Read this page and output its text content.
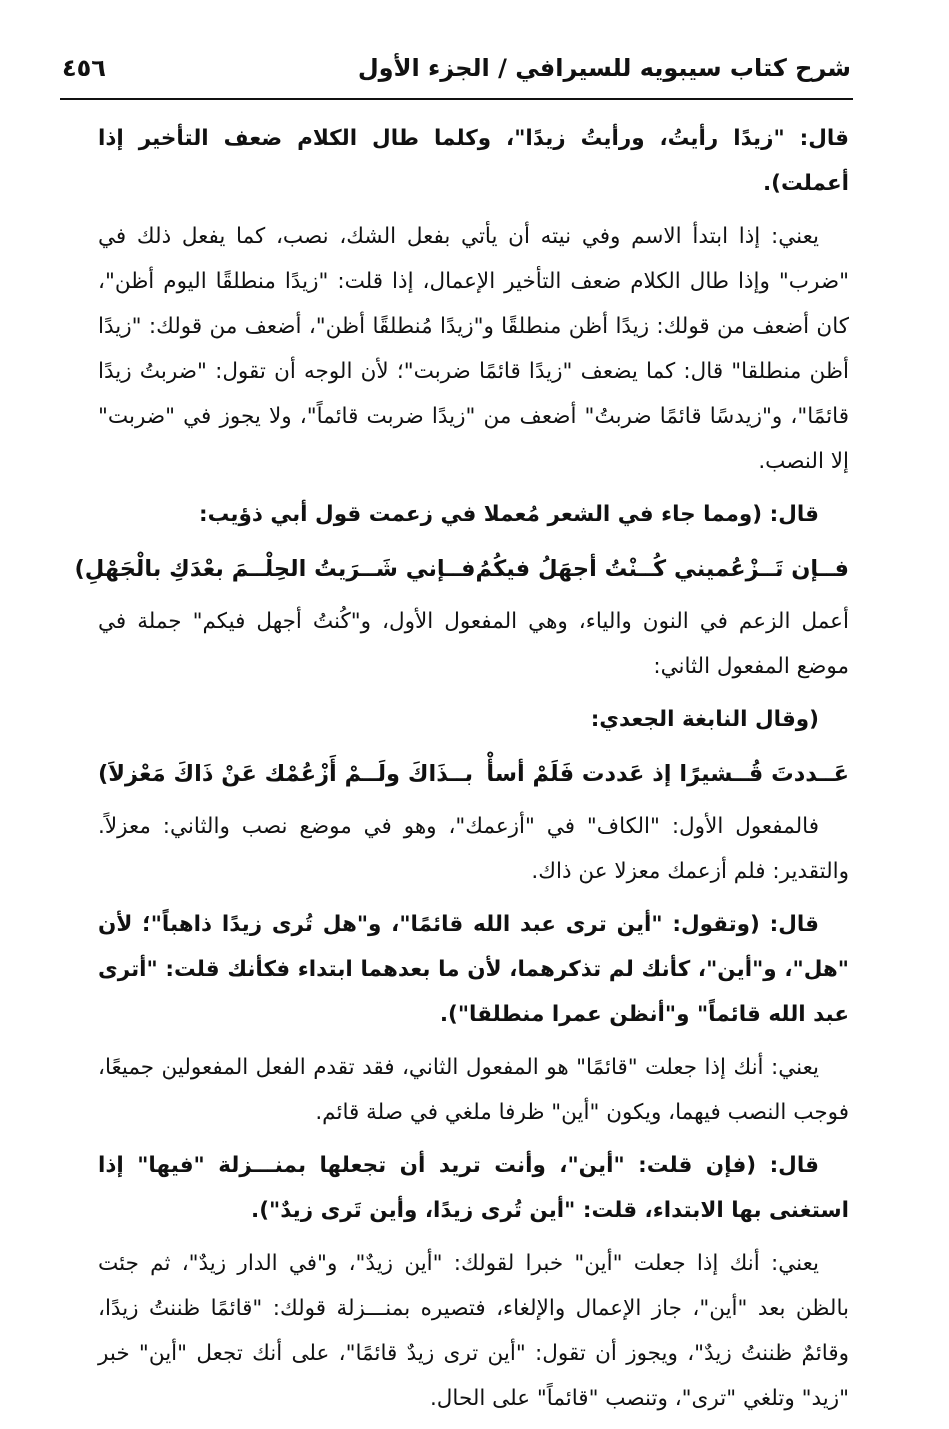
شرح كتاب سيبويه للسيرافي / الجزء الأول
٤٥٦

قال: "زيدًا رأيتُ، ورأيتُ زيدًا"، وكلما طال الكلام ضعف التأخير إذا أعملت).

يعني: إذا ابتدأ الاسم وفي نيته أن يأتي بفعل الشك، نصب، كما يفعل ذلك في "ضرب" وإذا طال الكلام ضعف التأخير الإعمال، إذا قلت: "زيدًا منطلقًا اليوم أظن"، كان أضعف من قولك: زيدًا أظن منطلقًا و"زيدًا مُنطلقًا أظن"، أضعف من قولك: "زيدًا أظن منطلقا" قال: كما يضعف "زيدًا قائمًا ضربت"؛ لأن الوجه أن تقول: "ضربتُ زيدًا قائمًا"، و"زيدسًا قائمًا ضربتُ" أضعف من "زيدًا ضربت قائماً"، ولا يجوز في "ضربت" إلا النصب.

قال: (ومما جاء في الشعر مُعملا في زعمت قول أبي ذؤيب:

فــإن تَــزْعُميني كُــنْتُ أجهَلُ فيكُمُ
فــإني شَــرَيتُ الحِلْــمَ بعْدَكِ بالْجَهْلِ)

أعمل الزعم في النون والياء، وهي المفعول الأول، و"كُنتُ أجهل فيكم" جملة في موضع المفعول الثاني:

(وقال النابغة الجعدي:

عَــددتَ قُــشيرًا إذ عَددت فَلَمْ أسأْ
بــذَاكَ ولَــمْ أَزْعُمْك عَنْ ذَاكَ مَعْزلاَ)

فالمفعول الأول: "الكاف" في "أزعمك"، وهو في موضع نصب والثاني: معزلاً. والتقدير: فلم أزعمك معزلا عن ذاك.

قال: (وتقول: "أين ترى عبد الله قائمًا"، و"هل تُرى زيدًا ذاهباً"؛ لأن "هل"، و"أين"، كأنك لم تذكرهما، لأن ما بعدهما ابتداء فكأنك قلت: "أترى عبد الله قائماً" و"أنظن عمرا منطلقا").

يعني: أنك إذا جعلت "قائمًا" هو المفعول الثاني، فقد تقدم الفعل المفعولين جميعًا، فوجب النصب فيهما، ويكون "أين" ظرفا ملغي في صلة قائم.

قال: (فإن قلت: "أين"، وأنت تريد أن تجعلها بمنـــزلة "فيها" إذا استغنى بها الابتداء، قلت: "أين تُرى زيدًا، وأين تَرى زيدٌ").

يعني: أنك إذا جعلت "أين" خبرا لقولك: "أين زيدٌ"، و"في الدار زيدٌ"، ثم جئت بالظن بعد "أين"، جاز الإعمال والإلغاء، فتصيره بمنـــزلة قولك: "قائمًا ظننتُ زيدًا، وقائمٌ ظننتُ زيدٌ"، ويجوز أن تقول: "أين ترى زيدٌ قائمًا"، على أنك تجعل "أين" خبر "زيد" وتلغي "ترى"، وتنصب "قائماً" على الحال.
